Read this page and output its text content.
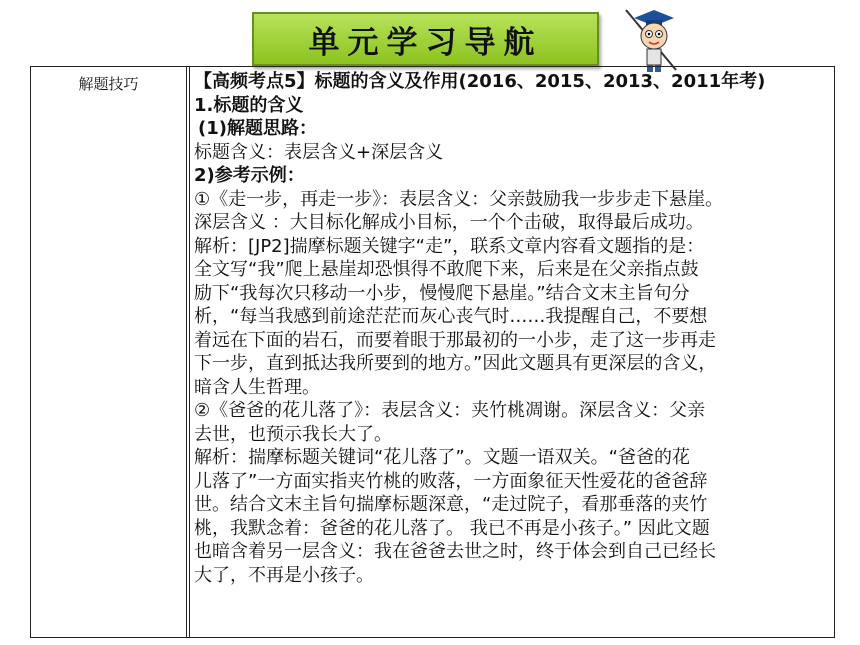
单元学习导航
解题技巧	【高频考点5】标题的含义及作用(2016、2015、2013、2011年考)
1.标题的含义
(1)解题思路：
标题含义：表层含义+深层含义
2)参考示例：
①《走一步，再走一步》：表层含义：父亲鼓励我一步步走下悬崖。
深层含义 ：大目标化解成小目标，一个个击破，取得最后成功。
解析：[JP2]揣摩标题关键字“走”，联系文章内容看文题指的是：
全文写“我”爬上悬崖却恐惧得不敢爬下来，后来是在父亲指点鼓
励下“我每次只移动一小步，慢慢爬下悬崖。”结合文末主旨句分
析，“每当我感到前途茫茫而灰心丧气时……我提醒自己，不要想
着远在下面的岩石，而要着眼于那最初的一小步，走了这一步再走
下一步，直到抵达我所要到的地方。”因此文题具有更深层的含义，
暗含人生哲理。
②《爸爸的花儿落了》：表层含义：夹竹桃凋谢。深层含义：父亲
去世，也预示我长大了。
解析：揣摩标题关键词“花儿落了”。文题一语双关。“爸爸的花
儿落了”一方面实指夹竹桃的败落，一方面象征天性爱花的爸爸辞
世。结合文末主旨句揣摩标题深意，“走过院子，看那垂落的夹竹
桃，我默念着：爸爸的花儿落了。 我已不再是小孩子。” 因此文题
也暗含着另一层含义：我在爸爸去世之时，终于体会到自己已经长
大了，不再是小孩子。
